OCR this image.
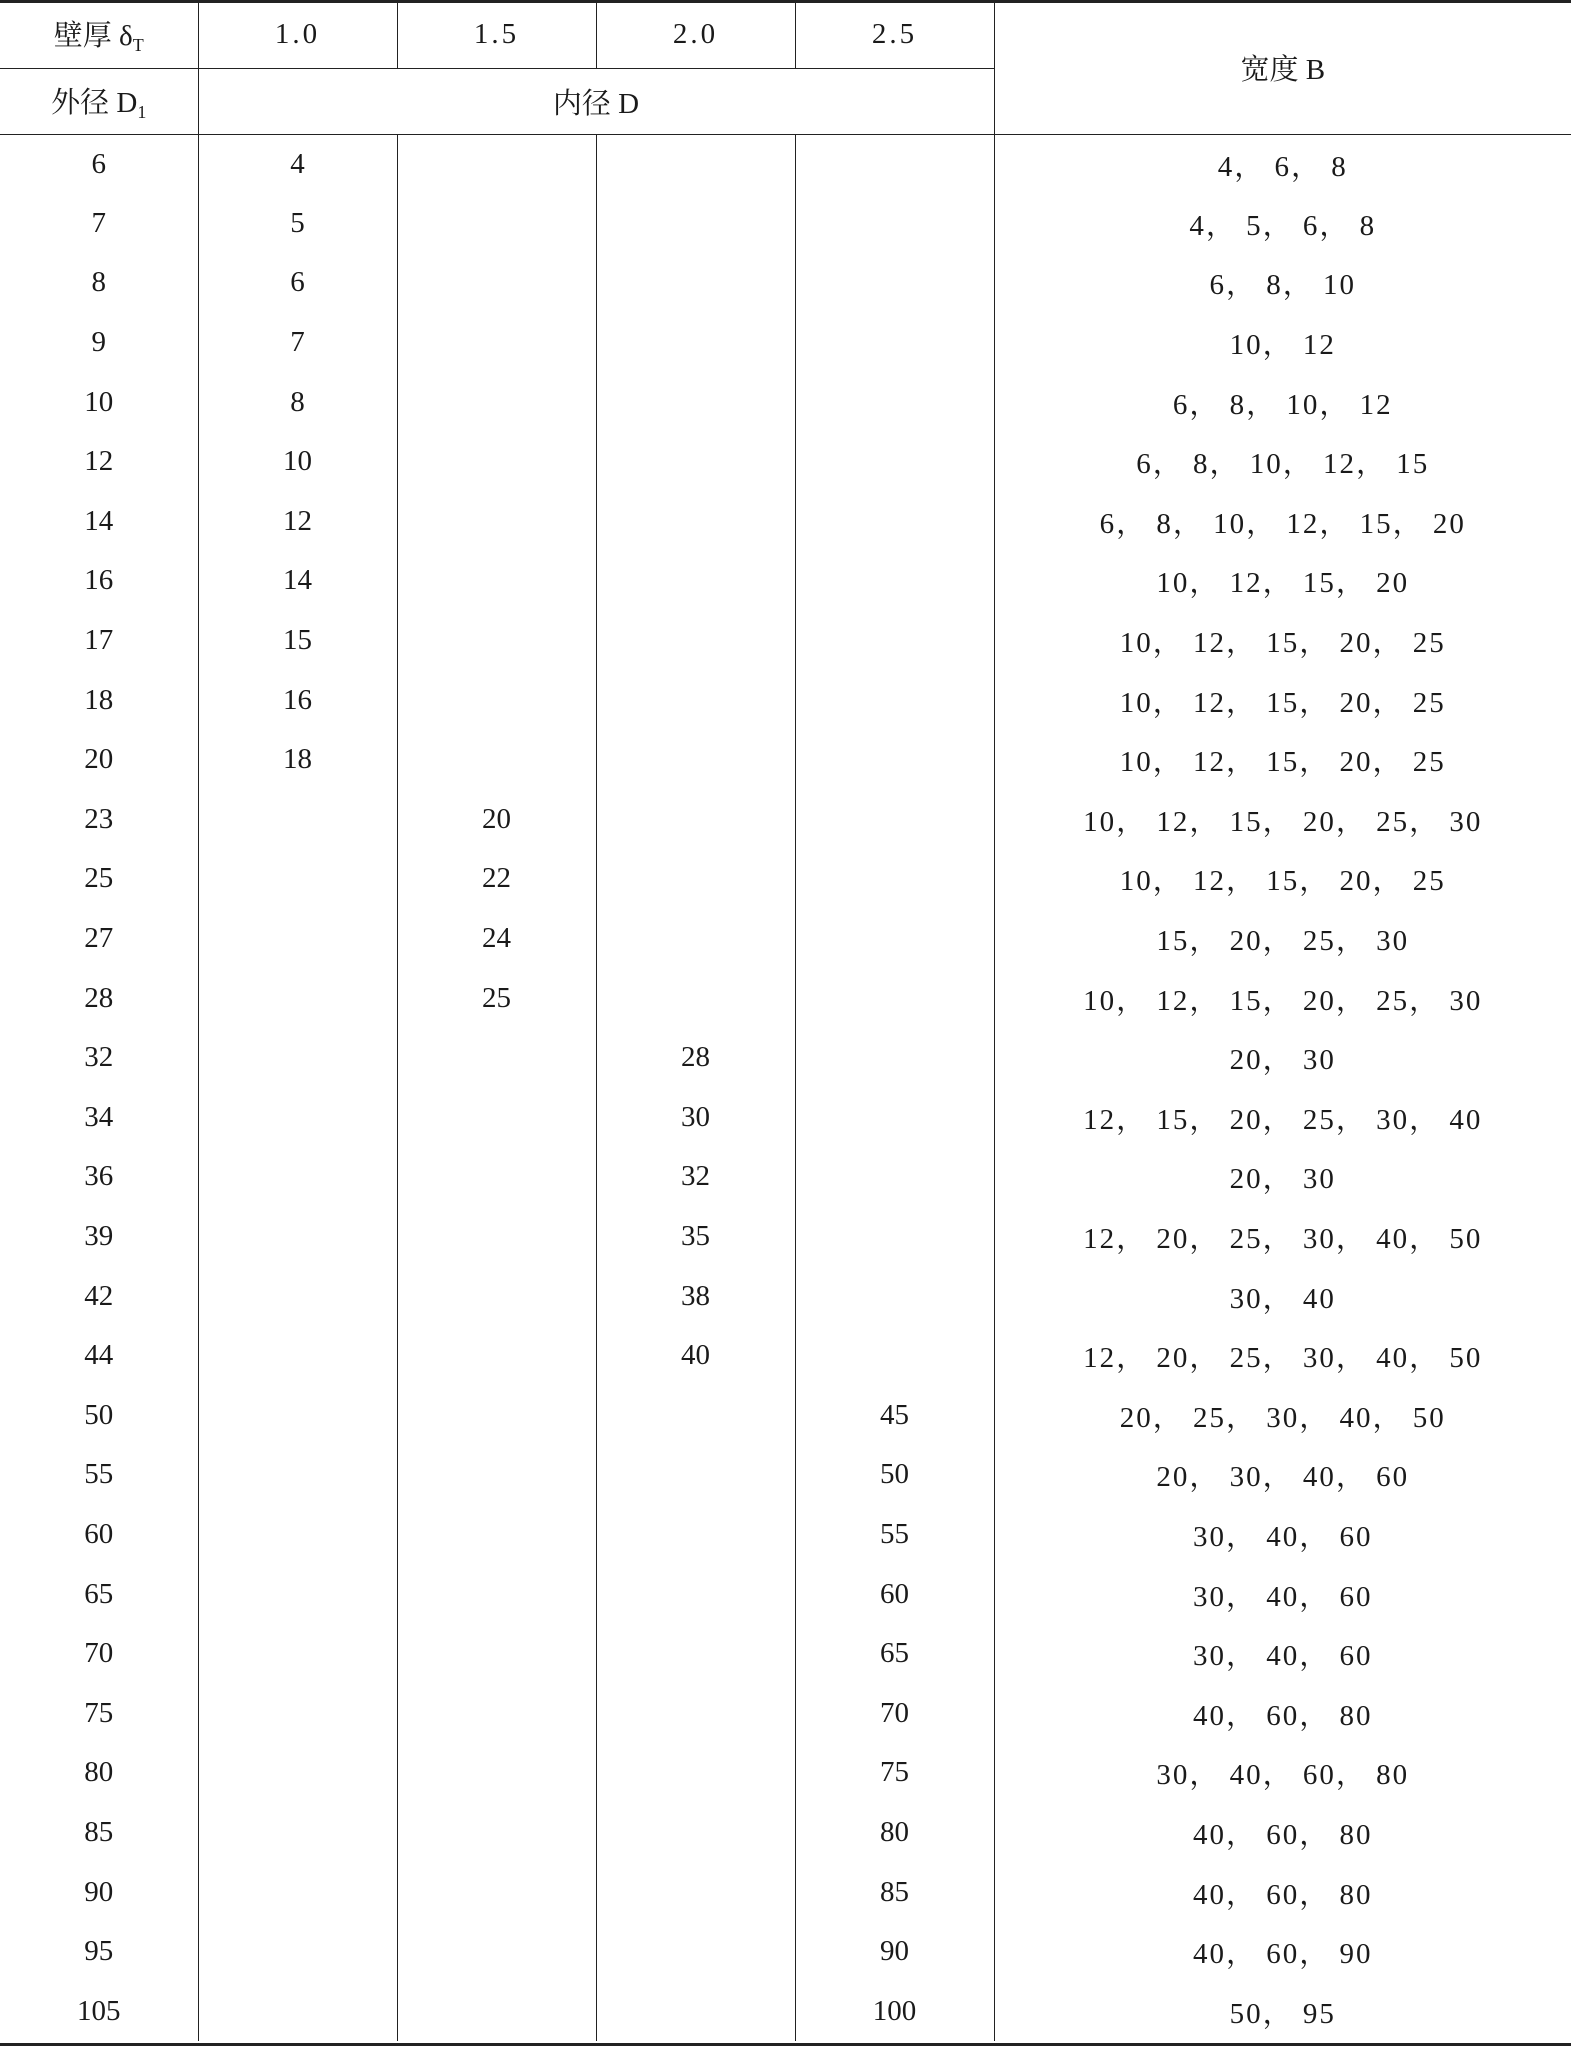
壁厚 $\delta_T$	1.0	1.5	2.0	2.5	宽度 B
外径 $D_1$	内径 D				
6	4				4， 6， 8
7	5				4， 5， 6， 8
8	6				6， 8， 10
9	7				10， 12
10	8				6， 8， 10， 12
12	10				6， 8， 10， 12， 15
14	12				6， 8， 10， 12， 15， 20
16	14				10， 12， 15， 20
17	15				10， 12， 15， 20， 25
18	16				10， 12， 15， 20， 25
20	18				10， 12， 15， 20， 25
23		20			10， 12， 15， 20， 25， 30
25		22			10， 12， 15， 20， 25
27		24			15， 20， 25， 30
28		25			10， 12， 15， 20， 25， 30
32			28		20， 30
34			30		12， 15， 20， 25， 30， 40
36			32		20， 30
39			35		12， 20， 25， 30， 40， 50
42			38		30， 40
44			40		12， 20， 25， 30， 40， 50
50				45	20， 25， 30， 40， 50
55				50	20， 30， 40， 60
60				55	30， 40， 60
65				60	30， 40， 60
70				65	30， 40， 60
75				70	40， 60， 80
80				75	30， 40， 60， 80
85				80	40， 60， 80
90				85	40， 60， 80
95				90	40， 60， 90
105				100	50， 95
